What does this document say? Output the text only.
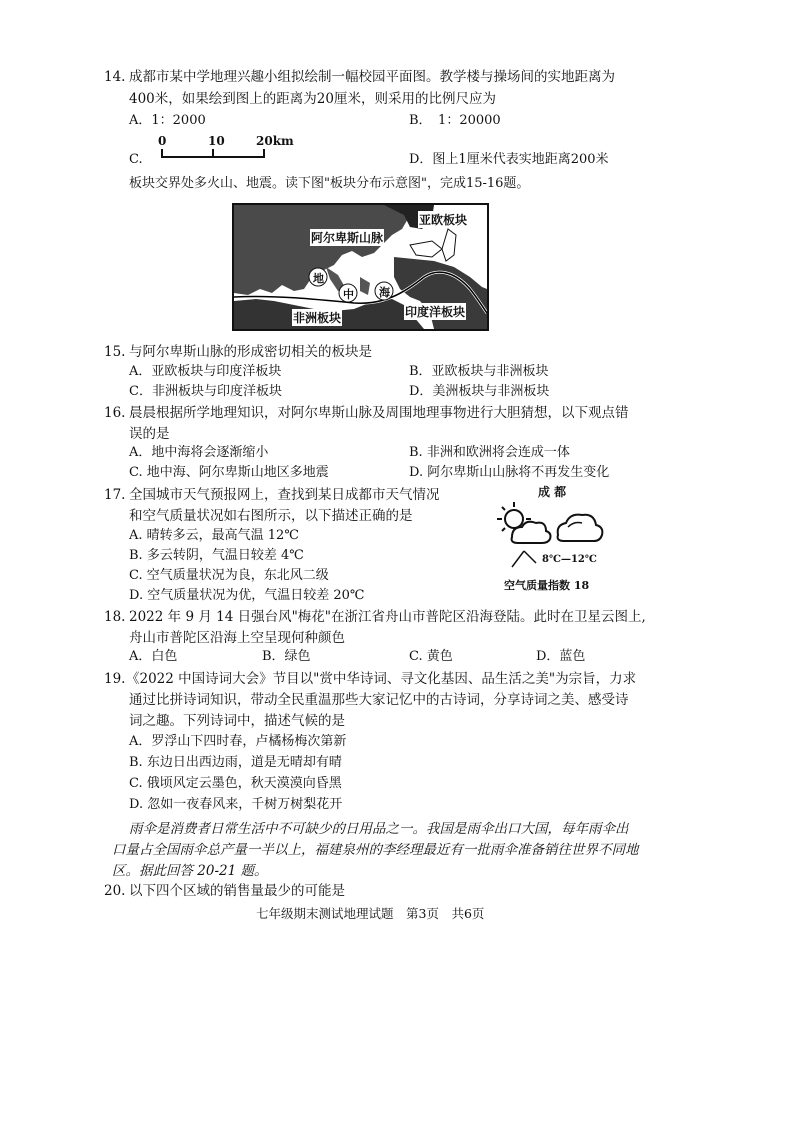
14. 成都市某中学地理兴趣小组拟绘制一幅校园平面图。教学楼与操场间的实地距离为
400米，如果绘到图上的距离为20厘米，则采用的比例尺应为
A．1：2000	B．　1：20000
C.
0	10	20km
D．图上1厘米代表实地距离200米
板块交界处多火山、地震。读下图"板块分布示意图"，完成15-16题。
亚欧板块
阿尔卑斯山脉
地
中 海
非洲板块	印度洋板块
15. 与阿尔卑斯山脉的形成密切相关的板块是
A．亚欧板块与印度洋板块	B．亚欧板块与非洲板块
C．非洲板块与印度洋板块	D．美洲板块与非洲板块
16. 晨晨根据所学地理知识，对阿尔卑斯山脉及周围地理事物进行大胆猜想，以下观点错
误的是
A．地中海将会逐渐缩小	B. 非洲和欧洲将会连成一体
C. 地中海、阿尔卑斯山地区多地震	D. 阿尔卑斯山山脉将不再发生变化
17. 全国城市天气预报网上，查找到某日成都市天气情况
和空气质量状况如右图所示，以下描述正确的是
A. 晴转多云，最高气温 12℃
B. 多云转阴，气温日较差 4℃
C. 空气质量状况为良，东北风二级
D. 空气质量状况为优，气温日较差 20℃
成 都
8℃—12℃
空气质量指数 18
18. 2022 年 9 月 14 日强台风"梅花"在浙江省舟山市普陀区沿海登陆。此时在卫星云图上,
舟山市普陀区沿海上空呈现何种颜色
A．白色	B．绿色	C. 黄色	D．蓝色
19. 《2022 中国诗词大会》节目以"赏中华诗词、寻文化基因、品生活之美"为宗旨，力求
通过比拼诗词知识，带动全民重温那些大家记忆中的古诗词，分享诗词之美、感受诗
词之趣。下列诗词中，描述气候的是
A．罗浮山下四时春，卢橘杨梅次第新
B. 东边日出西边雨，道是无晴却有晴
C. 俄顷风定云墨色，秋天漠漠向昏黑
D. 忽如一夜春风来，千树万树梨花开
雨伞是消费者日常生活中不可缺少的日用品之一。我国是雨伞出口大国，每年雨伞出
口量占全国雨伞总产量一半以上，福建泉州的李经理最近有一批雨伞准备销往世界不同地
区。据此回答 20-21 题。
20. 以下四个区域的销售量最少的可能是
七年级期末测试地理试题　第3页　共6页
